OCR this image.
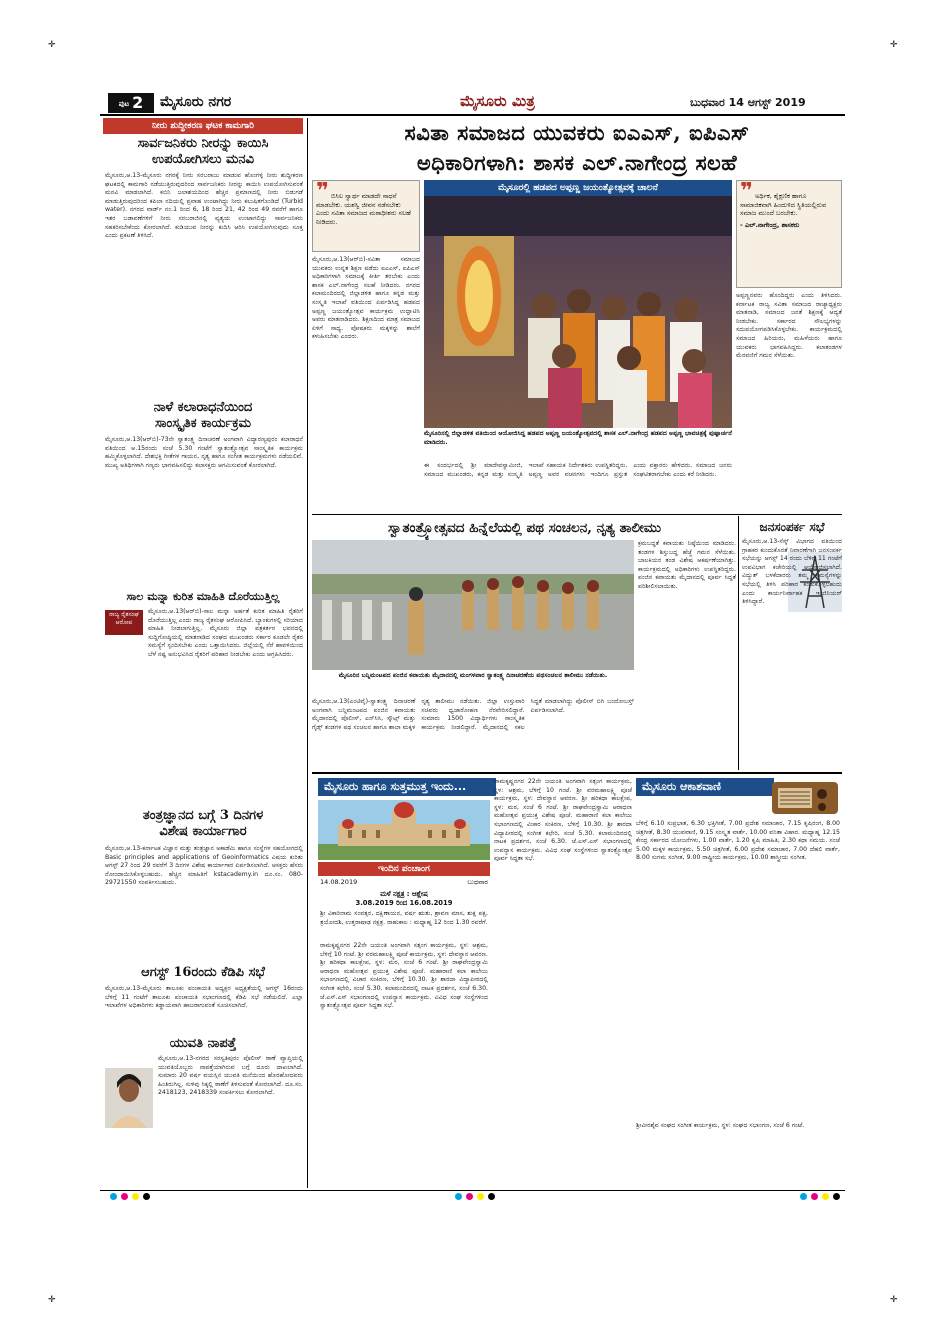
✛	✛
✛	✛
ಪುಟ 2	ಮೈಸೂರು ನಗರ	ಮೈಸೂರು ಮಿತ್ರ	ಬುಧವಾರ 14 ಆಗಸ್ಟ್ 2019
ನೀರು ಶುದ್ಧೀಕರಣ ಘಟಕ ಕಾಮಗಾರಿ
ಸಾರ್ವಜನಿಕರು ನೀರನ್ನು ಕಾಯಿಸಿ
ಉಪಯೋಗಿಸಲು ಮನವಿ
ಮೈಸೂರು,ಆ.13-ಮೈಸೂರು ನಗರಕ್ಕೆ ನೀರು ಸರಬರಾಜು ಮಾಡುವ ಹೊಂಗಳ್ಳಿ ನೀರು ಶುದ್ಧೀಕರಣ ಘಟಕದಲ್ಲಿ ಕಾಮಗಾರಿ ನಡೆಯುತ್ತಿರುವುದರಿಂದ ಸಾರ್ವಜನಿಕರು ನೀರನ್ನು ಕಾಯಿಸಿ ಉಪಯೋಗಿಸುವಂತೆ ಮನವಿ ಮಾಡಲಾಗಿದೆ. ಕಬಿನಿ ಜಲಾಶಯದಿಂದ ಹೆಚ್ಚಿನ ಪ್ರಮಾಣದಲ್ಲಿ ನೀರು ಬಿಡುಗಡೆ ಮಾಡುತ್ತಿರುವುದರಿಂದ ಕಪಿಲಾ ನದಿಯಲ್ಲಿ ಪ್ರವಾಹ ಉಂಟಾಗಿದ್ದು ನೀರು ಕಲುಷಿತಗೊಂಡಿದೆ (Turbid water). ನಗರದ ವಾರ್ಡ್ ನಂ.1 ರಿಂದ 6, 18 ರಿಂದ 21, 42 ರಿಂದ 49 ರವರೆಗೆ ಹಾಗೂ ಇತರ ಬಡಾವಣೆಗಳಿಗೆ ನೀರು ಸರಬರಾಜಿನಲ್ಲಿ ವ್ಯತ್ಯಯ ಉಂಟಾಗಲಿದ್ದು ಸಾರ್ವಜನಿಕರು ಸಹಕರಿಸಬೇಕೆಂದು ಕೋರಲಾಗಿದೆ. ಕುಡಿಯುವ ನೀರನ್ನು ಕುದಿಸಿ ಆರಿಸಿ ಉಪಯೋಗಿಸುವುದು ಸೂಕ್ತ ಎಂದು ಪ್ರಕಟಣೆ ತಿಳಿಸಿದೆ.
ನಾಳೆ ಕಲಾರಾಧನೆಯಿಂದ
ಸಾಂಸ್ಕೃತಿಕ ಕಾರ್ಯಕ್ರಮ
ಮೈಸೂರು,ಆ.13(ಆರ್‌ಬಿ)-73ನೇ ಸ್ವಾತಂತ್ರ್ಯ ದಿನಾಚರಣೆ ಅಂಗವಾಗಿ ವಿದ್ಯಾರಣ್ಯಪುರಂ ಕಲಾರಾಧನೆ ವತಿಯಿಂದ ಆ.15ರಂದು ಸಂಜೆ 5.30 ಗಂಟೆಗೆ ಸ್ವಾತಂತ್ರ್ಯೋತ್ಸವ ಸಾಂಸ್ಕೃತಿಕ ಕಾರ್ಯಕ್ರಮ ಹಮ್ಮಿಕೊಳ್ಳಲಾಗಿದೆ. ದೇಶಭಕ್ತಿ ಗೀತೆಗಳ ಗಾಯನ, ನೃತ್ಯ ಹಾಗೂ ಸಂಗೀತ ಕಾರ್ಯಕ್ರಮಗಳು ನಡೆಯಲಿವೆ. ಮುಖ್ಯ ಅತಿಥಿಗಳಾಗಿ ಗಣ್ಯರು ಭಾಗವಹಿಸಲಿದ್ದು ಕಲಾಸಕ್ತರು ಆಗಮಿಸುವಂತೆ ಕೋರಲಾಗಿದೆ.
ಸಾಲ ಮನ್ನಾ ಕುರಿತ ಮಾಹಿತಿ ದೊರೆಯುತ್ತಿಲ್ಲ
ರಾಜ್ಯ ರೈತಸಂಘ ಆರೋಪ
ಮೈಸೂರು,ಆ.13(ಆರ್‌ಬಿ)-ಸಾಲ ಮನ್ನಾ ಅರ್ಹತೆ ಕುರಿತ ಮಾಹಿತಿ ರೈತರಿಗೆ ದೊರೆಯುತ್ತಿಲ್ಲ ಎಂದು ರಾಜ್ಯ ರೈತಸಂಘ ಆರೋಪಿಸಿದೆ. ಬ್ಯಾಂಕುಗಳಲ್ಲಿ ಸರಿಯಾದ ಮಾಹಿತಿ ನೀಡಲಾಗುತ್ತಿಲ್ಲ. ಮೈಸೂರು ಜಿಲ್ಲಾ ಪತ್ರಕರ್ತರ ಭವನದಲ್ಲಿ ಸುದ್ದಿಗೋಷ್ಠಿಯಲ್ಲಿ ಮಾತನಾಡಿದ ಸಂಘದ ಮುಖಂಡರು ಸರ್ಕಾರ ಕೂಡಲೇ ರೈತರ ಸಮಸ್ಯೆಗೆ ಸ್ಪಂದಿಸಬೇಕು ಎಂದು ಒತ್ತಾಯಿಸಿದರು. ಜಿಲ್ಲೆಯಲ್ಲಿ ನೆರೆ ಹಾವಳಿಯಿಂದ ಬೆಳೆ ನಷ್ಟ ಅನುಭವಿಸಿದ ರೈತರಿಗೆ ಪರಿಹಾರ ನೀಡಬೇಕು ಎಂದು ಆಗ್ರಹಿಸಿದರು.
ತಂತ್ರಜ್ಞಾನದ ಬಗ್ಗೆ 3 ದಿನಗಳ
ವಿಶೇಷ ಕಾರ್ಯಾಗಾರ
ಮೈಸೂರು,ಆ.13-ಕರ್ನಾಟಕ ವಿಜ್ಞಾನ ಮತ್ತು ತಂತ್ರಜ್ಞಾನ ಅಕಾಡೆಮಿ ಹಾಗೂ ಸಂಸ್ಥೆಗಳ ಸಹಯೋಗದಲ್ಲಿ Basic principles and applications of Geoinformatics ವಿಷಯ ಕುರಿತು ಆಗಸ್ಟ್ 27 ರಿಂದ 29 ರವರೆಗೆ 3 ದಿನಗಳ ವಿಶೇಷ ಕಾರ್ಯಾಗಾರ ಏರ್ಪಡಿಸಲಾಗಿದೆ. ಆಸಕ್ತರು ಹೆಸರು ನೋಂದಾಯಿಸಿಕೊಳ್ಳಬಹುದು. ಹೆಚ್ಚಿನ ಮಾಹಿತಿಗೆ kstacademy.in ದೂ.ಸಂ. 080-29721550 ಸಂಪರ್ಕಿಸಬಹುದು.
ಆಗಸ್ಟ್ 16ರಂದು ಕೆಡಿಪಿ ಸಭೆ
ಮೈಸೂರು,ಆ.13-ಮೈಸೂರು ತಾಲೂಕು ಪಂಚಾಯತಿ ಅಧ್ಯಕ್ಷರ ಅಧ್ಯಕ್ಷತೆಯಲ್ಲಿ ಆಗಸ್ಟ್ 16ರಂದು ಬೆಳಿಗ್ಗೆ 11 ಗಂಟೆಗೆ ತಾಲೂಕು ಪಂಚಾಯತಿ ಸಭಾಂಗಣದಲ್ಲಿ ಕೆಡಿಪಿ ಸಭೆ ನಡೆಯಲಿದೆ. ಎಲ್ಲಾ ಇಲಾಖೆಗಳ ಅಧಿಕಾರಿಗಳು ಕಡ್ಡಾಯವಾಗಿ ಹಾಜರಾಗುವಂತೆ ಸೂಚಿಸಲಾಗಿದೆ.
ಯುವತಿ ನಾಪತ್ತೆ
ಮೈಸೂರು,ಆ.13-ನಗರದ ಸರಸ್ವತಿಪುರಂ ಪೊಲೀಸ್ ಠಾಣೆ ವ್ಯಾಪ್ತಿಯಲ್ಲಿ ಯುವತಿಯೊಬ್ಬರು ನಾಪತ್ತೆಯಾಗಿರುವ ಬಗ್ಗೆ ದೂರು ದಾಖಲಾಗಿದೆ. ಸುಮಾರು 20 ವರ್ಷ ವಯಸ್ಸಿನ ಯುವತಿ ಮನೆಯಿಂದ ಹೊರಹೋದವರು ಹಿಂತಿರುಗಿಲ್ಲ. ಸುಳಿವು ಸಿಕ್ಕಲ್ಲಿ ಠಾಣೆಗೆ ತಿಳಿಸುವಂತೆ ಕೋರಲಾಗಿದೆ. ದೂ.ಸಂ. 2418123, 2418339 ಸಂಪರ್ಕಿಸಲು ಕೋರಲಾಗಿದೆ.
ಸವಿತಾ ಸಮಾಜದ ಯುವಕರು ಐಎಎಸ್, ಐಪಿಎಸ್
ಅಧಿಕಾರಿಗಳಾಗಿ: ಶಾಸಕ ಎಲ್.ನಾಗೇಂದ್ರ ಸಲಹೆ
❞ ಬಿಸಿಲ ಸ್ವಾರ್ಥ ಮಾಡದೇ ಸಾಧನೆ ಮಾಡಬೇಕು. ಯಶಸ್ವಿ ಜೀವನ ನಡೆಸಬೇಕು ಎಂದು ಸವಿತಾ ಸಮಾಜದ ಮಠಾಧೀಶರು ಸಲಹೆ ನೀಡಿದರು.
❞ ಅರ್ಥಿಕ, ಶೈಕ್ಷಣಿಕ ಹಾಗೂ ಸಾಮಾಜಿಕವಾಗಿ ಹಿಂದುಳಿದ ಸ್ಥಿತಿಯಲ್ಲಿರುವ ಸಮಾಜ ಮುಂದೆ ಬರಬೇಕು.
- ಎಲ್.ನಾಗೇಂದ್ರ, ಶಾಸಕರು
ಮೈಸೂರಲ್ಲಿ ಹಡಪದ ಅಪ್ಪಣ್ಣ ಜಯಂತ್ಯೋತ್ಸವಕ್ಕೆ ಚಾಲನೆ
ಮೈಸೂರಿನಲ್ಲಿ ಜಿಲ್ಲಾಡಳಿತ ವತಿಯಿಂದ ಆಯೋಜಿಸಿದ್ದ ಹಡಪದ ಅಪ್ಪಣ್ಣ ಜಯಂತ್ಯೋತ್ಸವದಲ್ಲಿ ಶಾಸಕ ಎಲ್.ನಾಗೇಂದ್ರ ಹಡಪದ ಅಪ್ಪಣ್ಣ ಭಾವಚಿತ್ರಕ್ಕೆ ಪುಷ್ಪಾರ್ಚನೆ ಮಾಡಿದರು.
ಮೈಸೂರು,ಆ.13(ಆರ್‌ಬಿ)-ಸವಿತಾ ಸಮಾಜದ ಯುವಕರು ಉನ್ನತ ಶಿಕ್ಷಣ ಪಡೆದು ಐಎಎಸ್, ಐಪಿಎಸ್ ಅಧಿಕಾರಿಗಳಾಗಿ ಸಮಾಜಕ್ಕೆ ಕೀರ್ತಿ ತರಬೇಕು ಎಂದು ಶಾಸಕ ಎಲ್.ನಾಗೇಂದ್ರ ಸಲಹೆ ನೀಡಿದರು. ನಗರದ ಕಲಾಮಂದಿರದಲ್ಲಿ ಜಿಲ್ಲಾಡಳಿತ ಹಾಗೂ ಕನ್ನಡ ಮತ್ತು ಸಂಸ್ಕೃತಿ ಇಲಾಖೆ ವತಿಯಿಂದ ಏರ್ಪಡಿಸಿದ್ದ ಹಡಪದ ಅಪ್ಪಣ್ಣ ಜಯಂತ್ಯೋತ್ಸವ ಕಾರ್ಯಕ್ರಮ ಉದ್ಘಾಟಿಸಿ ಅವರು ಮಾತನಾಡಿದರು. ಶಿಕ್ಷಣದಿಂದ ಮಾತ್ರ ಸಮಾಜದ ಏಳಿಗೆ ಸಾಧ್ಯ. ಪೋಷಕರು ಮಕ್ಕಳನ್ನು ಶಾಲೆಗೆ ಕಳುಹಿಸಬೇಕು ಎಂದರು.
ಈ ಸಂದರ್ಭದಲ್ಲಿ ಶ್ರೀ ಮಾದೇವಸ್ವಾಮೀಜಿ, ಸಮಾಜದ ಮುಖಂಡರು, ಕನ್ನಡ ಮತ್ತು ಸಂಸ್ಕೃತಿ ಇಲಾಖೆ ಸಹಾಯಕ ನಿರ್ದೇಶಕರು ಉಪಸ್ಥಿತರಿದ್ದರು. ಅಪ್ಪಣ್ಣ ಅವರ ವಚನಗಳು ಇಂದಿಗೂ ಪ್ರಸ್ತುತ ಎಂದು ವಕ್ತಾರರು ಹೇಳಿದರು. ಸಮಾಜದ ಜನರು ಸಂಘಟಿತರಾಗಬೇಕು ಎಂದು ಕರೆ ನೀಡಿದರು.
ಅಪ್ಪಣ್ಣನವರು ಹೊಂದಿದ್ದರು ಎಂದು ತಿಳಿಸಿದರು. ಕರ್ನಾಟಕ ರಾಜ್ಯ ಸವಿತಾ ಸಮಾಜದ ರಾಜ್ಯಾಧ್ಯಕ್ಷರು ಮಾತನಾಡಿ, ಸಮಾಜದ ಜನತೆ ಶಿಕ್ಷಣಕ್ಕೆ ಆದ್ಯತೆ ನೀಡಬೇಕು. ಸರ್ಕಾರದ ಸೌಲಭ್ಯಗಳನ್ನು ಸದುಪಯೋಗಪಡಿಸಿಕೊಳ್ಳಬೇಕು. ಕಾರ್ಯಕ್ರಮದಲ್ಲಿ ಸಮಾಜದ ಹಿರಿಯರು, ಮಹಿಳೆಯರು ಹಾಗೂ ಯುವಕರು ಭಾಗವಹಿಸಿದ್ದರು. ಕಲಾತಂಡಗಳ ಮೆರವಣಿಗೆ ಗಮನ ಸೆಳೆಯಿತು.
ಸ್ವಾತಂತ್ರ್ಯೋತ್ಸವದ ಹಿನ್ನೆಲೆಯಲ್ಲಿ ಪಥ ಸಂಚಲನ, ನೃತ್ಯ ತಾಲೀಮು
ಮೈಸೂರಿನ ಬನ್ನಿಮಂಟಪದ ಪಂಜಿನ ಕವಾಯತು ಮೈದಾನದಲ್ಲಿ ಮಂಗಳವಾರ ಸ್ವಾತಂತ್ರ್ಯ ದಿನಾಚರಣೆಯ ಪಥಸಂಚಲನ ತಾಲೀಮು ನಡೆಯಿತು.
ಮೈಸೂರು,ಆ.13(ಎಂಟಿವೈ)-ಸ್ವಾತಂತ್ರ್ಯ ದಿನಾಚರಣೆ ಅಂಗವಾಗಿ ಬನ್ನಿಮಂಟಪದ ಪಂಜಿನ ಕವಾಯತು ಮೈದಾನದಲ್ಲಿ ಪೊಲೀಸ್, ಎನ್‌ಸಿಸಿ, ಸ್ಕೌಟ್ಸ್ ಮತ್ತು ಗೈಡ್ಸ್ ತಂಡಗಳ ಪಥ ಸಂಚಲನ ಹಾಗೂ ಶಾಲಾ ಮಕ್ಕಳ ನೃತ್ಯ ತಾಲೀಮು ನಡೆಯಿತು. ಜಿಲ್ಲಾ ಉಸ್ತುವಾರಿ ಸಚಿವರು ಧ್ವಜಾರೋಹಣ ನೆರವೇರಿಸಲಿದ್ದಾರೆ. ಸುಮಾರು 1500 ವಿದ್ಯಾರ್ಥಿಗಳು ಸಾಂಸ್ಕೃತಿಕ ಕಾರ್ಯಕ್ರಮ ನೀಡಲಿದ್ದಾರೆ. ಮೈದಾನದಲ್ಲಿ ಸಕಲ ಸಿದ್ಧತೆ ಮಾಡಲಾಗಿದ್ದು ಪೊಲೀಸ್ ಬಿಗಿ ಬಂದೋಬಸ್ತ್ ಏರ್ಪಡಿಸಲಾಗಿದೆ.
ಕ್ರಮಬದ್ಧತೆ ಕವಾಯತು ನಿಷ್ಠೆಯಿಂದ ಮಾಡಿದರು. ತಂಡಗಳ ಶಿಸ್ತುಬದ್ಧ ಹೆಜ್ಜೆ ಗಮನ ಸೆಳೆಯಿತು. ಬಾಲಕಿಯರ ತಂಡ ವಿಶೇಷ ಆಕರ್ಷಣೆಯಾಗಿತ್ತು. ಕಾರ್ಯಕ್ರಮದಲ್ಲಿ ಅಧಿಕಾರಿಗಳು ಉಪಸ್ಥಿತರಿದ್ದರು. ಪಂಜಿನ ಕವಾಯತು ಮೈದಾನದಲ್ಲಿ ಪೂರ್ವ ಸಿದ್ಧತೆ ಪರಿಶೀಲಿಸಲಾಯಿತು.
ಜನಸಂಪರ್ಕ ಸಭೆ
ಮೈಸೂರು,ಆ.13-ಸೆಸ್ಕ್ ವಿಭಾಗದ ವತಿಯಿಂದ ಗ್ರಾಹಕರ ಕುಂದುಕೊರತೆ ನಿವಾರಣೆಗಾಗಿ ಜನಸಂಪರ್ಕ ಸಭೆಯನ್ನು ಆಗಸ್ಟ್ 14 ರಂದು ಬೆಳಿಗ್ಗೆ 11 ಗಂಟೆಗೆ ಉಪವಿಭಾಗ ಕಚೇರಿಯಲ್ಲಿ ಆಯೋಜಿಸಲಾಗಿದೆ. ವಿದ್ಯುತ್ ಬಳಕೆದಾರರು ತಮ್ಮ ಸಮಸ್ಯೆಗಳನ್ನು ಸಭೆಯಲ್ಲಿ ತಿಳಿಸಿ ಪರಿಹಾರ ಕಂಡುಕೊಳ್ಳಬಹುದು ಎಂದು ಕಾರ್ಯನಿರ್ವಾಹಕ ಇಂಜಿನಿಯರ್ ತಿಳಿಸಿದ್ದಾರೆ.
ಮೈಸೂರು ಹಾಗೂ ಸುತ್ತಮುತ್ತ ಇಂದು...
ಇಂದಿನ ಪಂಚಾಂಗ
14.08.2019	ಬುಧವಾರ
ಮಳೆ ನಕ್ಷತ್ರ : ಆಶ್ಲೇಷ
3.08.2019 ರಿಂದ 16.08.2019
ಶ್ರೀ ವಿಕಾರಿನಾಮ ಸಂವತ್ಸರ, ದಕ್ಷಿಣಾಯನ, ವರ್ಷ ಋತು, ಶ್ರಾವಣ ಮಾಸ, ಶುಕ್ಲ ಪಕ್ಷ, ತ್ರಯೋದಶಿ, ಉತ್ತರಾಷಾಢ ನಕ್ಷತ್ರ. ರಾಹುಕಾಲ : ಮಧ್ಯಾಹ್ನ 12 ರಿಂದ 1.30 ರವರೆಗೆ.
ರಾಮಕೃಷ್ಣನಗರ 22ನೇ ಜಯಂತಿ ಅಂಗವಾಗಿ ಸತ್ಸಂಗ ಕಾರ್ಯಕ್ರಮ, ಸ್ಥಳ: ಆಶ್ರಮ, ಬೆಳಿಗ್ಗೆ 10 ಗಂಟೆ. ಶ್ರೀ ವರಮಹಾಲಕ್ಷ್ಮಿ ಪೂಜೆ ಕಾರ್ಯಕ್ರಮ, ಸ್ಥಳ: ದೇವಸ್ಥಾನ ಆವರಣ. ಶ್ರೀ ಹರಿಕಥಾ ಕಾಲಕ್ಷೇಪ, ಸ್ಥಳ: ಮಠ, ಸಂಜೆ 6 ಗಂಟೆ. ಶ್ರೀ ರಾಘವೇಂದ್ರಸ್ವಾಮಿ ಆರಾಧನಾ ಮಹೋತ್ಸವ ಪ್ರಯುಕ್ತ ವಿಶೇಷ ಪೂಜೆ. ಮಹಾರಾಣಿ ಕಲಾ ಕಾಲೇಜು ಸಭಾಂಗಣದಲ್ಲಿ ವಿಚಾರ ಸಂಕಿರಣ, ಬೆಳಿಗ್ಗೆ 10.30. ಶ್ರೀ ಶಾರದಾ ವಿದ್ಯಾಪೀಠದಲ್ಲಿ ಸಂಗೀತ ಕಛೇರಿ, ಸಂಜೆ 5.30. ಕಲಾಮಂದಿರದಲ್ಲಿ ನಾಟಕ ಪ್ರದರ್ಶನ, ಸಂಜೆ 6.30. ಜೆ.ಎಸ್.ಎಸ್ ಸಭಾಂಗಣದಲ್ಲಿ ಉಪನ್ಯಾಸ ಕಾರ್ಯಕ್ರಮ. ವಿವಿಧ ಸಂಘ ಸಂಸ್ಥೆಗಳಿಂದ ಸ್ವಾತಂತ್ರ್ಯೋತ್ಸವ ಪೂರ್ವ ಸಿದ್ಧತಾ ಸಭೆ.
ರಾಮಕೃಷ್ಣನಗರ 22ನೇ ಜಯಂತಿ ಅಂಗವಾಗಿ ಸತ್ಸಂಗ ಕಾರ್ಯಕ್ರಮ, ಸ್ಥಳ: ಆಶ್ರಮ, ಬೆಳಿಗ್ಗೆ 10 ಗಂಟೆ. ಶ್ರೀ ವರಮಹಾಲಕ್ಷ್ಮಿ ಪೂಜೆ ಕಾರ್ಯಕ್ರಮ, ಸ್ಥಳ: ದೇವಸ್ಥಾನ ಆವರಣ. ಶ್ರೀ ಹರಿಕಥಾ ಕಾಲಕ್ಷೇಪ, ಸ್ಥಳ: ಮಠ, ಸಂಜೆ 6 ಗಂಟೆ. ಶ್ರೀ ರಾಘವೇಂದ್ರಸ್ವಾಮಿ ಆರಾಧನಾ ಮಹೋತ್ಸವ ಪ್ರಯುಕ್ತ ವಿಶೇಷ ಪೂಜೆ. ಮಹಾರಾಣಿ ಕಲಾ ಕಾಲೇಜು ಸಭಾಂಗಣದಲ್ಲಿ ವಿಚಾರ ಸಂಕಿರಣ, ಬೆಳಿಗ್ಗೆ 10.30. ಶ್ರೀ ಶಾರದಾ ವಿದ್ಯಾಪೀಠದಲ್ಲಿ ಸಂಗೀತ ಕಛೇರಿ, ಸಂಜೆ 5.30. ಕಲಾಮಂದಿರದಲ್ಲಿ ನಾಟಕ ಪ್ರದರ್ಶನ, ಸಂಜೆ 6.30. ಜೆ.ಎಸ್.ಎಸ್ ಸಭಾಂಗಣದಲ್ಲಿ ಉಪನ್ಯಾಸ ಕಾರ್ಯಕ್ರಮ. ವಿವಿಧ ಸಂಘ ಸಂಸ್ಥೆಗಳಿಂದ ಸ್ವಾತಂತ್ರ್ಯೋತ್ಸವ ಪೂರ್ವ ಸಿದ್ಧತಾ ಸಭೆ.
ಮೈಸೂರು ಆಕಾಶವಾಣಿ
ಬೆಳಿಗ್ಗೆ 6.10 ಸುಪ್ರಭಾತ, 6.30 ಭಕ್ತಿಗೀತೆ, 7.00 ಪ್ರದೇಶ ಸಮಾಚಾರ, 7.15 ಕೃಷಿರಂಗ, 8.00 ಚಿತ್ರಗೀತೆ, 8.30 ಯುವವಾಣಿ, 9.15 ಸಂಸ್ಕೃತ ವಾರ್ತೆ, 10.00 ವನಿತಾ ವಿಹಾರ. ಮಧ್ಯಾಹ್ನ 12.15 ಕೇಂದ್ರ ಸರ್ಕಾರದ ಯೋಜನೆಗಳು, 1.00 ವಾರ್ತೆ, 1.20 ಕೃಷಿ ಮಾಹಿತಿ, 2.30 ಕಥಾ ಸಮಯ. ಸಂಜೆ 5.00 ಮಕ್ಕಳ ಕಾರ್ಯಕ್ರಮ, 5.50 ಚಿತ್ರಗೀತೆ, 6.00 ಪ್ರದೇಶ ಸಮಾಚಾರ, 7.00 ದೆಹಲಿ ವಾರ್ತೆ, 8.00 ಸುಗಮ ಸಂಗೀತ, 9.00 ರಾಷ್ಟ್ರೀಯ ಕಾರ್ಯಕ್ರಮ, 10.00 ಶಾಸ್ತ್ರೀಯ ಸಂಗೀತ.
ಶ್ರೀವೀರಶೈವ ಸಂಘದ ಸಂಗೀತ ಕಾರ್ಯಕ್ರಮ, ಸ್ಥಳ: ಸಂಘದ ಸಭಾಂಗಣ, ಸಂಜೆ 6 ಗಂಟೆ.
